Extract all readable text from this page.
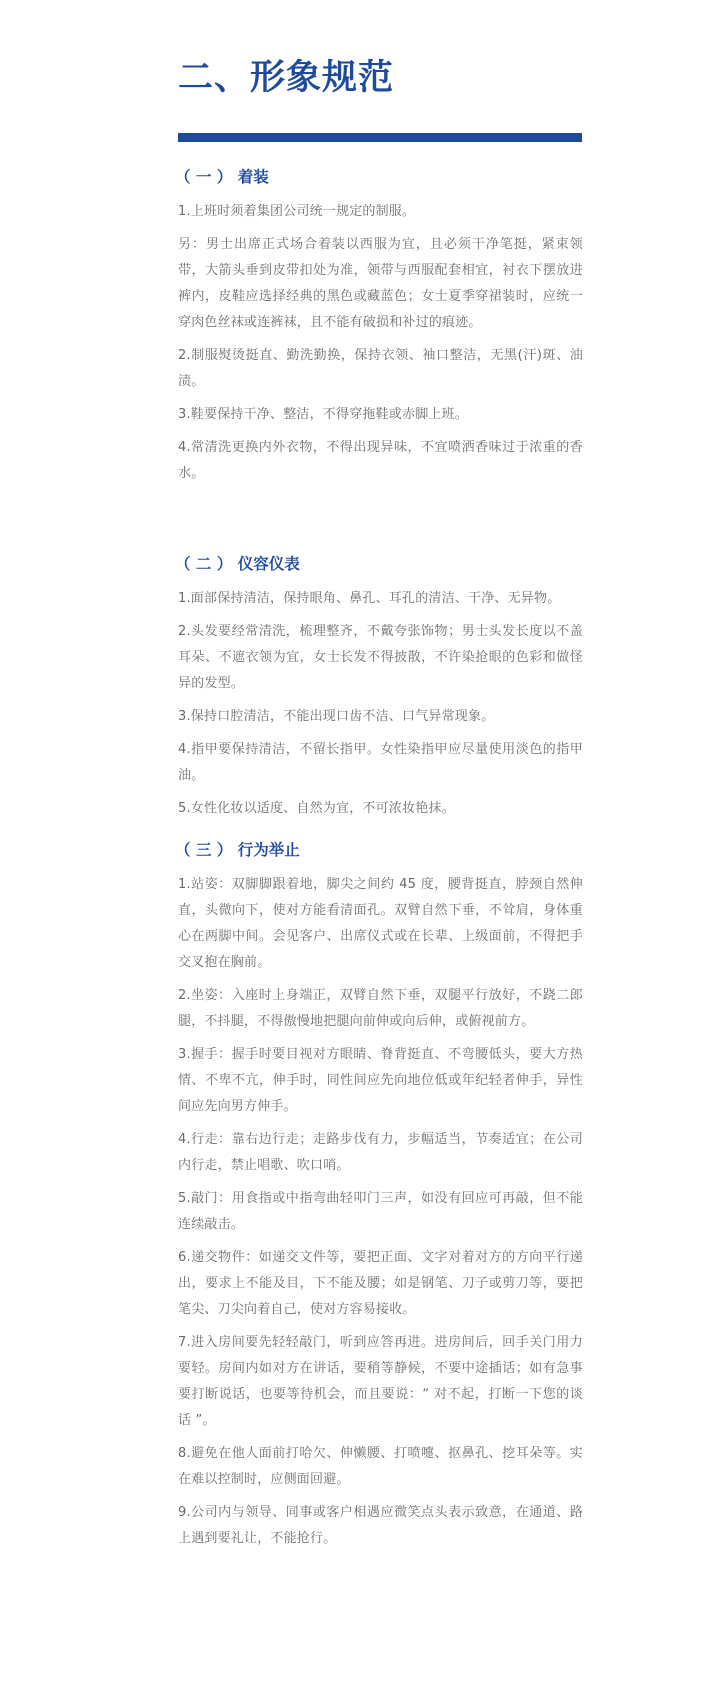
二、形象规范
（ 一 ） 着装

1.上班时须着集团公司统一规定的制服。

另：男士出席正式场合着装以西服为宜，且必须干净笔挺，紧束领带，大箭头垂到皮带扣处为准，领带与西服配套相宜，衬衣下摆放进裤内，皮鞋应选择经典的黑色或藏蓝色；女士夏季穿裙装时，应统一穿肉色丝袜或连裤袜，且不能有破损和补过的痕迹。

2.制服熨烫挺直、勤洗勤换，保持衣领、袖口整洁，无黑(汗)斑、油渍。

3.鞋要保持干净、整洁，不得穿拖鞋或赤脚上班。

4.常清洗更换内外衣物，不得出现异味，不宜喷洒香味过于浓重的香水。

（ 二 ） 仪容仪表

1.面部保持清洁，保持眼角、鼻孔、耳孔的清洁、干净、无异物。

2.头发要经常清洗，梳理整齐，不戴夸张饰物；男士头发长度以不盖耳朵、不遮衣领为宜，女士长发不得披散，不许染抢眼的色彩和做怪异的发型。

3.保持口腔清洁，不能出现口齿不洁、口气异常现象。

4.指甲要保持清洁，不留长指甲。女性染指甲应尽量使用淡色的指甲油。

5.女性化妆以适度、自然为宜，不可浓妆艳抹。

（ 三 ） 行为举止

1.站姿：双脚脚跟着地，脚尖之间约 45 度，腰背挺直，脖颈自然伸直，头微向下，使对方能看清面孔。双臂自然下垂，不耸肩，身体重心在两脚中间。会见客户、出席仪式或在长辈、上级面前，不得把手交叉抱在胸前。

2.坐姿：入座时上身端正，双臂自然下垂，双腿平行放好，不跷二郎腿，不抖腿，不得傲慢地把腿向前伸或向后伸，或俯视前方。

3.握手：握手时要目视对方眼睛、脊背挺直、不弯腰低头，要大方热情、不卑不亢，伸手时，同性间应先向地位低或年纪轻者伸手，异性间应先向男方伸手。

4.行走：靠右边行走；走路步伐有力，步幅适当，节奏适宜；在公司内行走，禁止唱歌、吹口哨。

5.敲门：用食指或中指弯曲轻叩门三声，如没有回应可再敲，但不能连续敲击。

6.递交物件：如递交文件等，要把正面、文字对着对方的方向平行递出，要求上不能及目，下不能及腰；如是钢笔、刀子或剪刀等，要把笔尖、刀尖向着自己，使对方容易接收。

7.进入房间要先轻轻敲门，听到应答再进。进房间后，回手关门用力要轻。房间内如对方在讲话，要稍等静候，不要中途插话；如有急事要打断说话，也要等待机会，而且要说：“ 对不起，打断一下您的谈话 ”。

8.避免在他人面前打哈欠、伸懒腰、打喷嚏、抠鼻孔、挖耳朵等。实在难以控制时，应侧面回避。

9.公司内与领导、同事或客户相遇应微笑点头表示致意，在通道、路上遇到要礼让，不能抢行。
